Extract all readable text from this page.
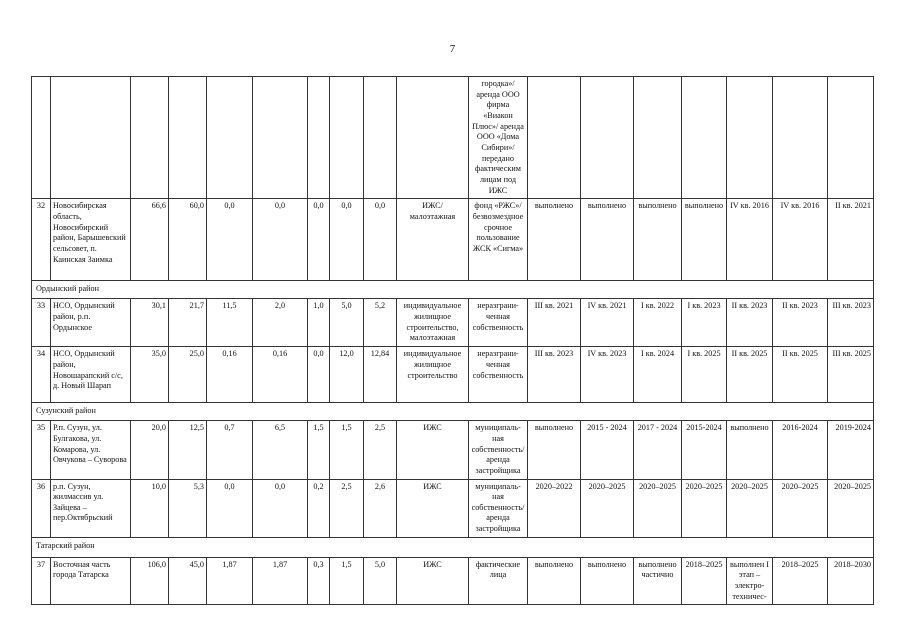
7
										городка»/ аренда ООО фирма «Виакон Плюс»/ аренда ООО «Дома Сибири»/ передано фактическим лицам под ИЖС							
32	Новосибирская область, Новосибирский район, Барышевский сельсовет, п. Каинская Заимка	66,6	60,0	0,0	0,0	0,0	0,0	0,0	ИЖС/ малоэтажная	фонд «РЖС»/ безвозмездное срочное пользование ЖСК «Сигма»	выполнено	выполнено	выполнено	выполнено	IV кв. 2016	IV кв. 2016	II кв. 2021
Ордынский район																	
33	НСО, Ордынский район, р.п. Ордынское	30,1	21,7	11,5	2,0	1,0	5,0	5,2	индивидуальное жилищное строительство, малоэтажная	неразграни-ченная собственность	III кв. 2021	IV кв. 2021	I кв. 2022	I кв. 2023	II кв. 2023	II кв. 2023	III кв. 2023
34	НСО, Ордынский район, Новошарапский с/с, д. Новый Шарап	35,0	25,0	0,16	0,16	0,0	12,0	12,84	индивидуальное жилищное строительство	неразграни-ченная собственность	III кв. 2023	IV кв. 2023	I кв. 2024	I кв. 2025	II кв. 2025	II кв. 2025	III кв. 2025
Сузунский район																	
35	Р.п. Сузун, ул. Булгакова, ул. Комарова, ул. Овчукова – Суворова	20,0	12,5	0,7	6,5	1,5	1,5	2,5	ИЖС	муниципаль-ная собственность/ аренда застройщика	выполнено	2015 - 2024	2017 - 2024	2015-2024	выполнено	2016-2024	2019-2024
36	р.п. Сузун, жилмассив ул. Зайцева – пер.Октябрьский	10,0	5,3	0,0	0,0	0,2	2,5	2,6	ИЖС	муниципаль-ная собственность/ аренда застройщика	2020–2022	2020–2025	2020–2025	2020–2025	2020–2025	2020–2025	2020–2025
Татарский район																	
37	Восточная часть города Татарска	106,0	45,0	1,87	1,87	0,3	1,5	5,0	ИЖС	фактические лица	выполнено	выполнено	выполнено частично	2018–2025	выполнен I этап – электро-техничес-	2018–2025	2018–2030
